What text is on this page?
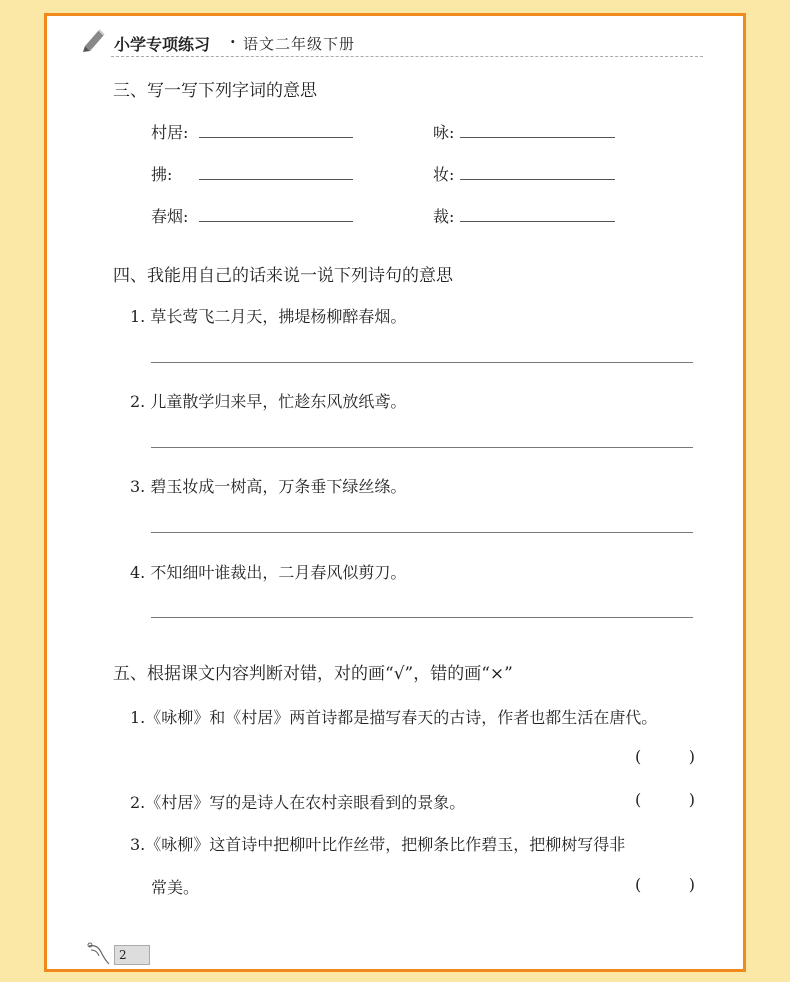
小学专项练习 · 语文二年级下册
三、写一写下列字词的意思
村居:	咏:
拂:	妆:
春烟:	裁:
四、我能用自己的话来说一说下列诗句的意思
1. 草长莺飞二月天，拂堤杨柳醉春烟。
2. 儿童散学归来早，忙趁东风放纸鸢。
3. 碧玉妆成一树高，万条垂下绿丝绦。
4. 不知细叶谁裁出，二月春风似剪刀。
五、根据课文内容判断对错，对的画“√”，错的画“×”
1.《咏柳》和《村居》两首诗都是描写春天的古诗，作者也都生活在唐代。
(	)
2.《村居》写的是诗人在农村亲眼看到的景象。	(	)
3.《咏柳》这首诗中把柳叶比作丝带，把柳条比作碧玉，把柳树写得非
常美。	(	)
2
